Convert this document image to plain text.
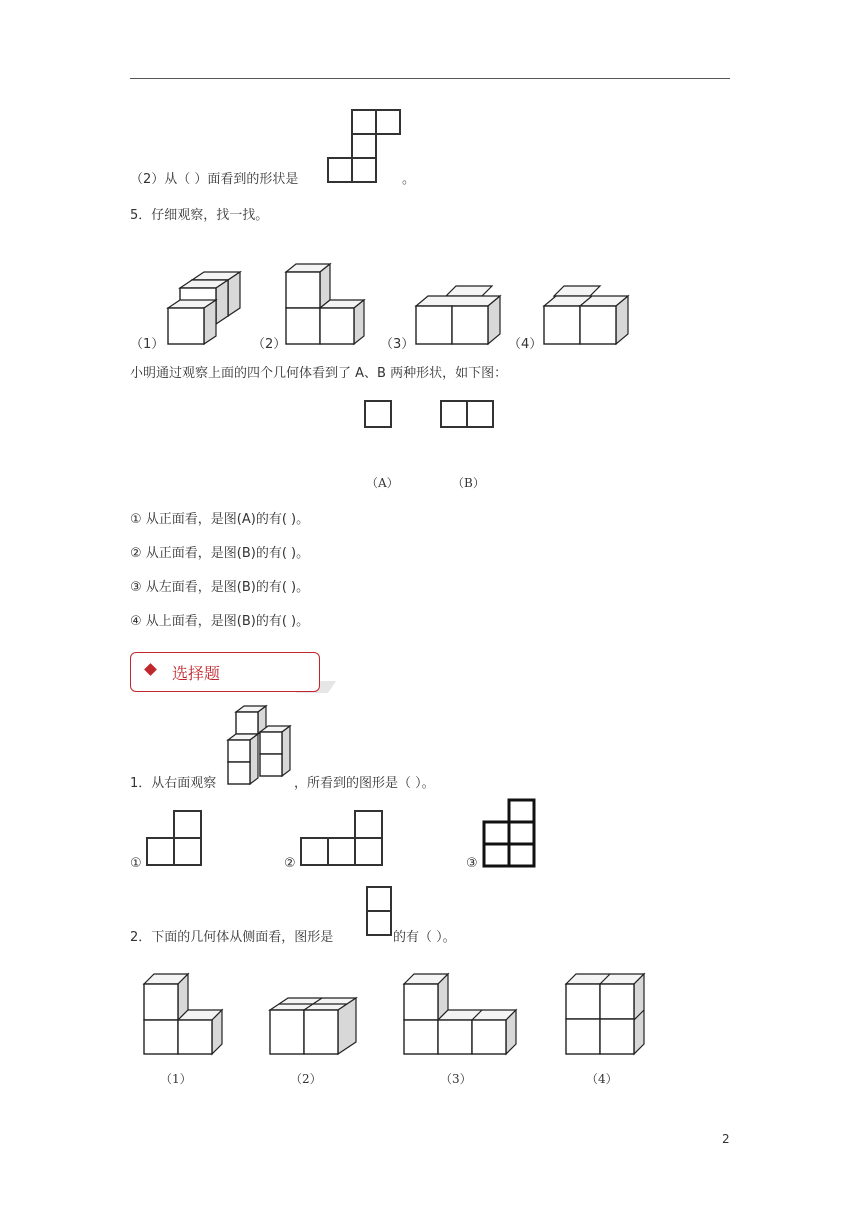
（2）从（ ）面看到的形状是	。
5．仔细观察，找一找。
（1）	（2）	（3）	（4）
小明通过观察上面的四个几何体看到了 A、B 两种形状，如下图：
（A）	（B）
① 从正面看，是图(A)的有( )。
② 从正面看，是图(B)的有( )。
③ 从左面看，是图(B)的有( )。
④ 从上面看，是图(B)的有( )。
选择题
1．从右面观察	，所看到的图形是（ ）。
①	②	③
2．下面的几何体从侧面看，图形是	的有（ ）。
（1）	（2）	（3）	（4）
2
